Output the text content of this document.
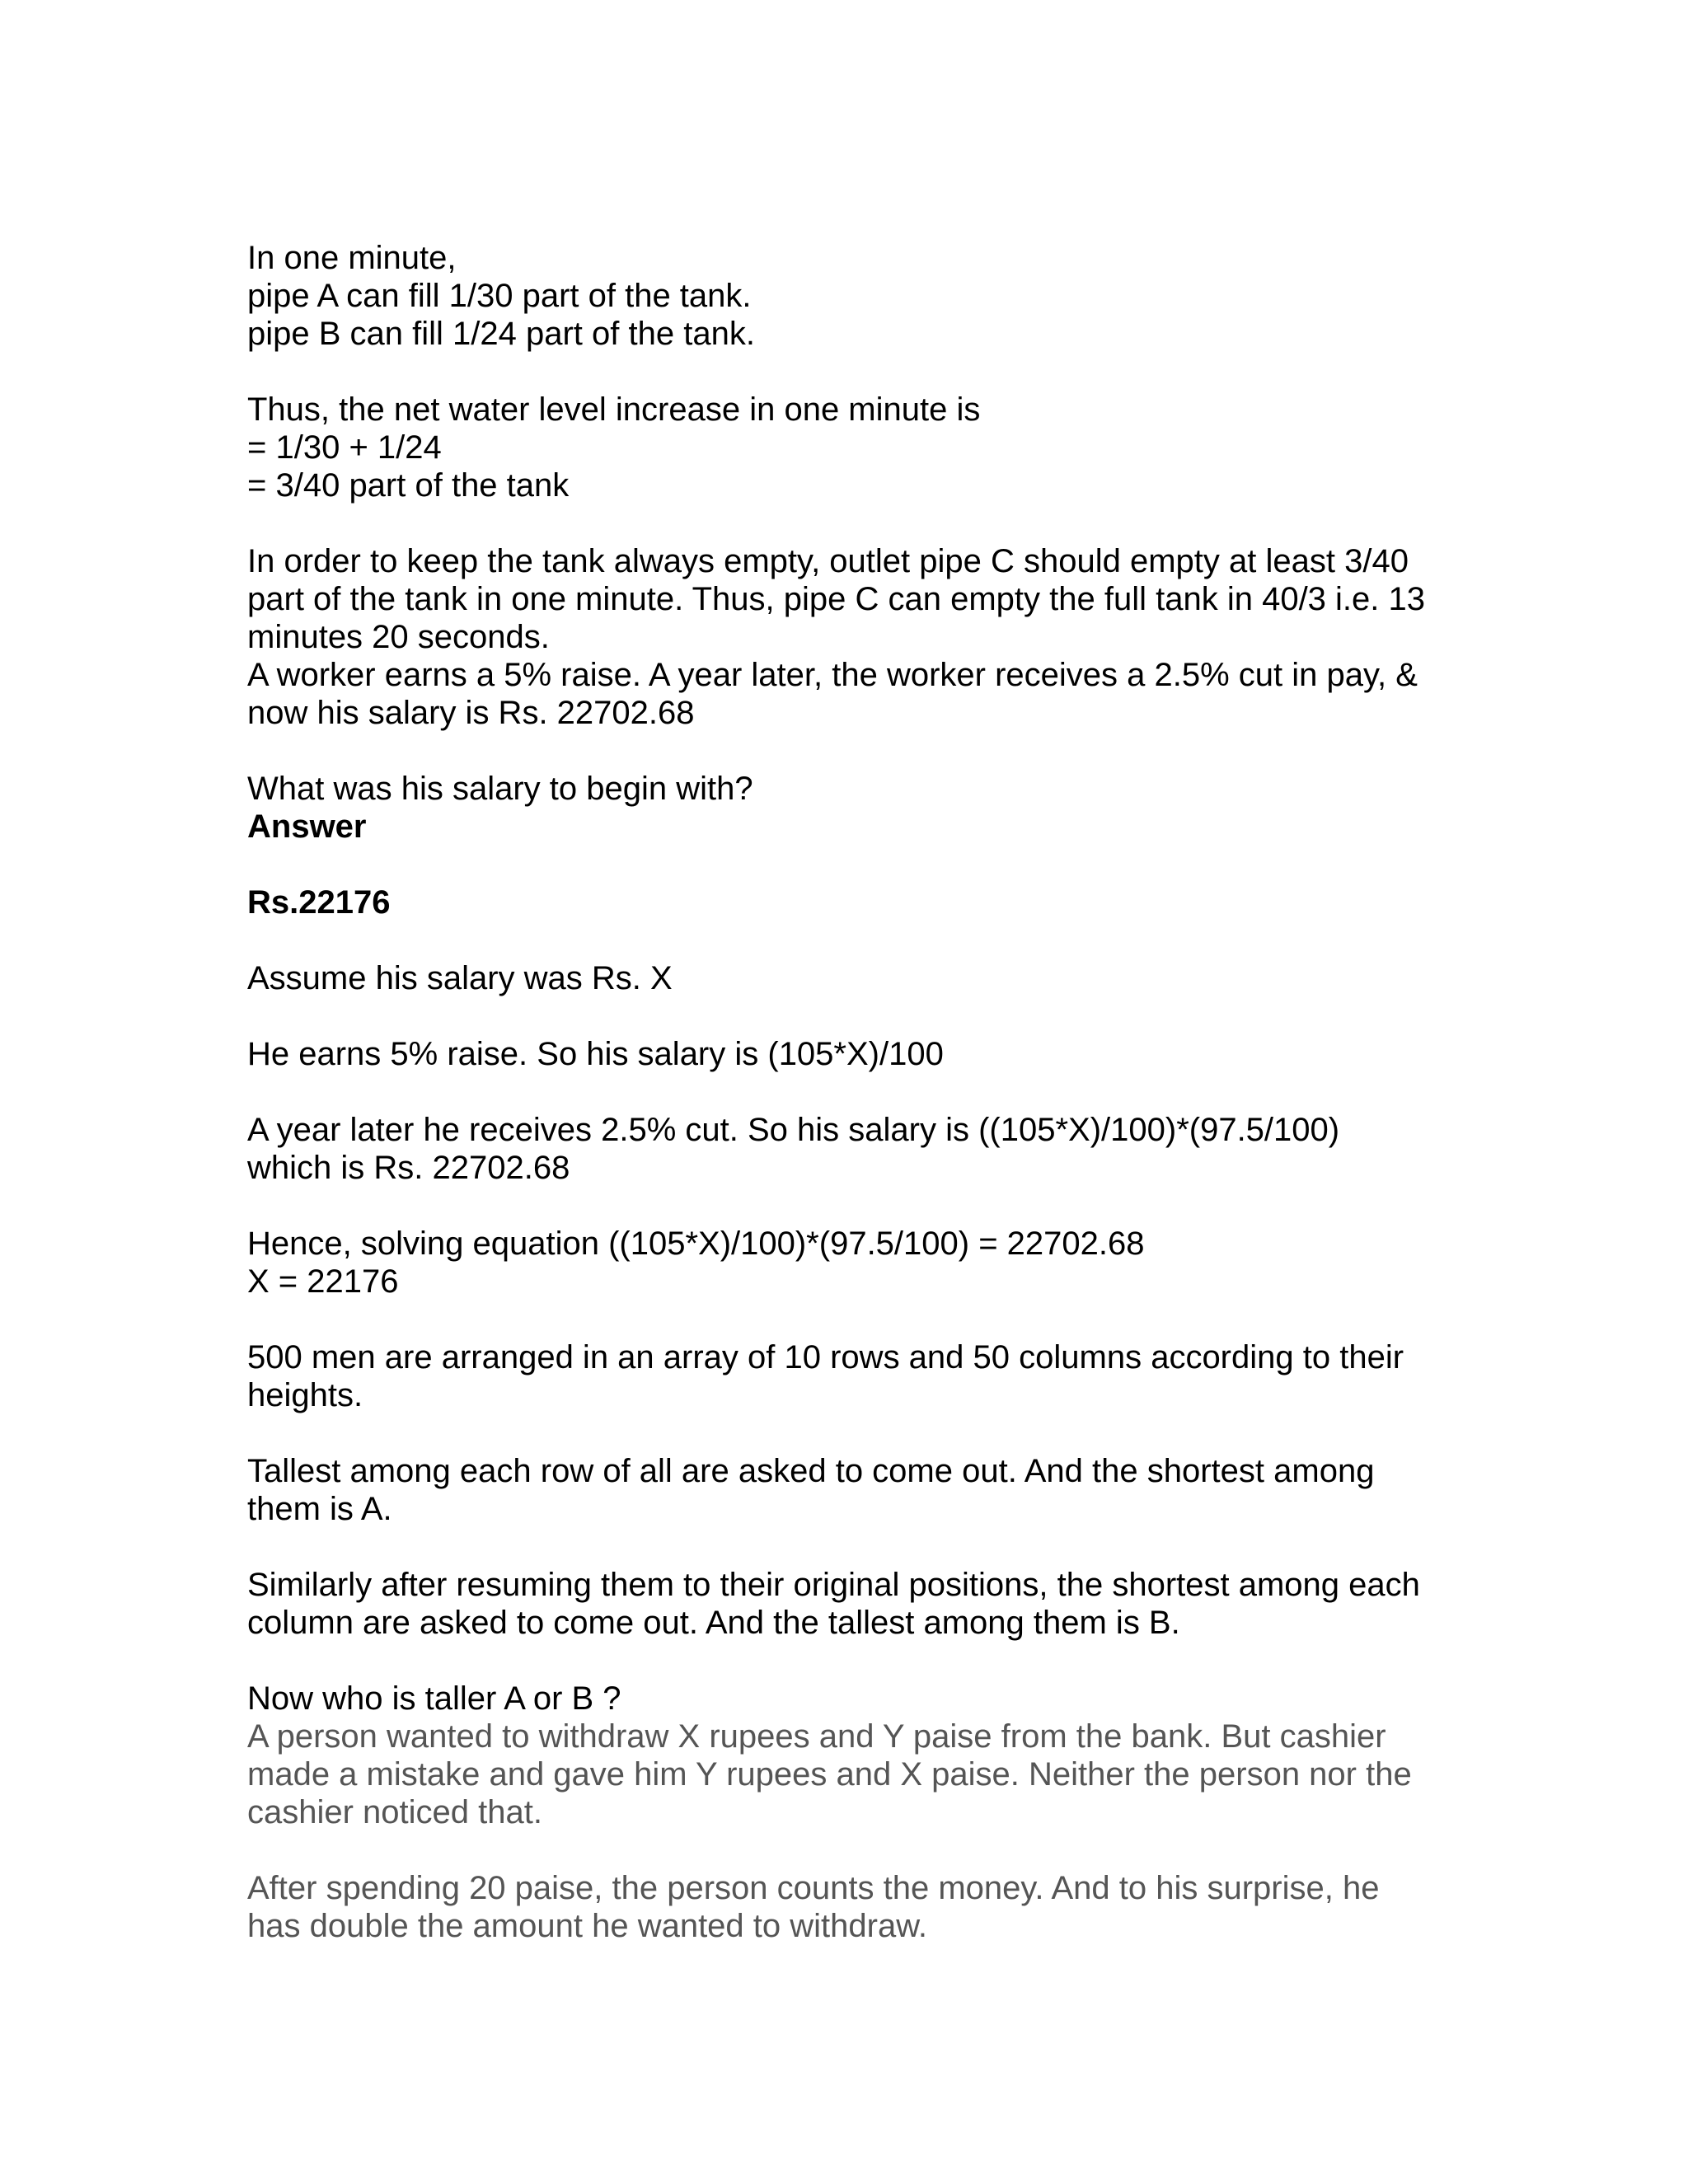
In one minute,
pipe A can fill 1/30 part of the tank.
pipe B can fill 1/24 part of the tank.
Thus, the net water level increase in one minute is
= 1/30 + 1/24
= 3/40 part of the tank
In order to keep the tank always empty, outlet pipe C should empty at least 3/40
part of the tank in one minute. Thus, pipe C can empty the full tank in 40/3 i.e. 13
minutes 20 seconds.
A worker earns a 5% raise. A year later, the worker receives a 2.5% cut in pay, &
now his salary is Rs. 22702.68
What was his salary to begin with?
Answer
Rs.22176
Assume his salary was Rs. X
He earns 5% raise. So his salary is (105*X)/100
A year later he receives 2.5% cut. So his salary is ((105*X)/100)*(97.5/100)
which is Rs. 22702.68
Hence, solving equation ((105*X)/100)*(97.5/100) = 22702.68
X = 22176
500 men are arranged in an array of 10 rows and 50 columns according to their
heights.
Tallest among each row of all are asked to come out. And the shortest among
them is A.
Similarly after resuming them to their original positions, the shortest among each
column are asked to come out. And the tallest among them is B.
Now who is taller A or B ?
A person wanted to withdraw X rupees and Y paise from the bank. But cashier
made a mistake and gave him Y rupees and X paise. Neither the person nor the
cashier noticed that.
After spending 20 paise, the person counts the money. And to his surprise, he
has double the amount he wanted to withdraw.
